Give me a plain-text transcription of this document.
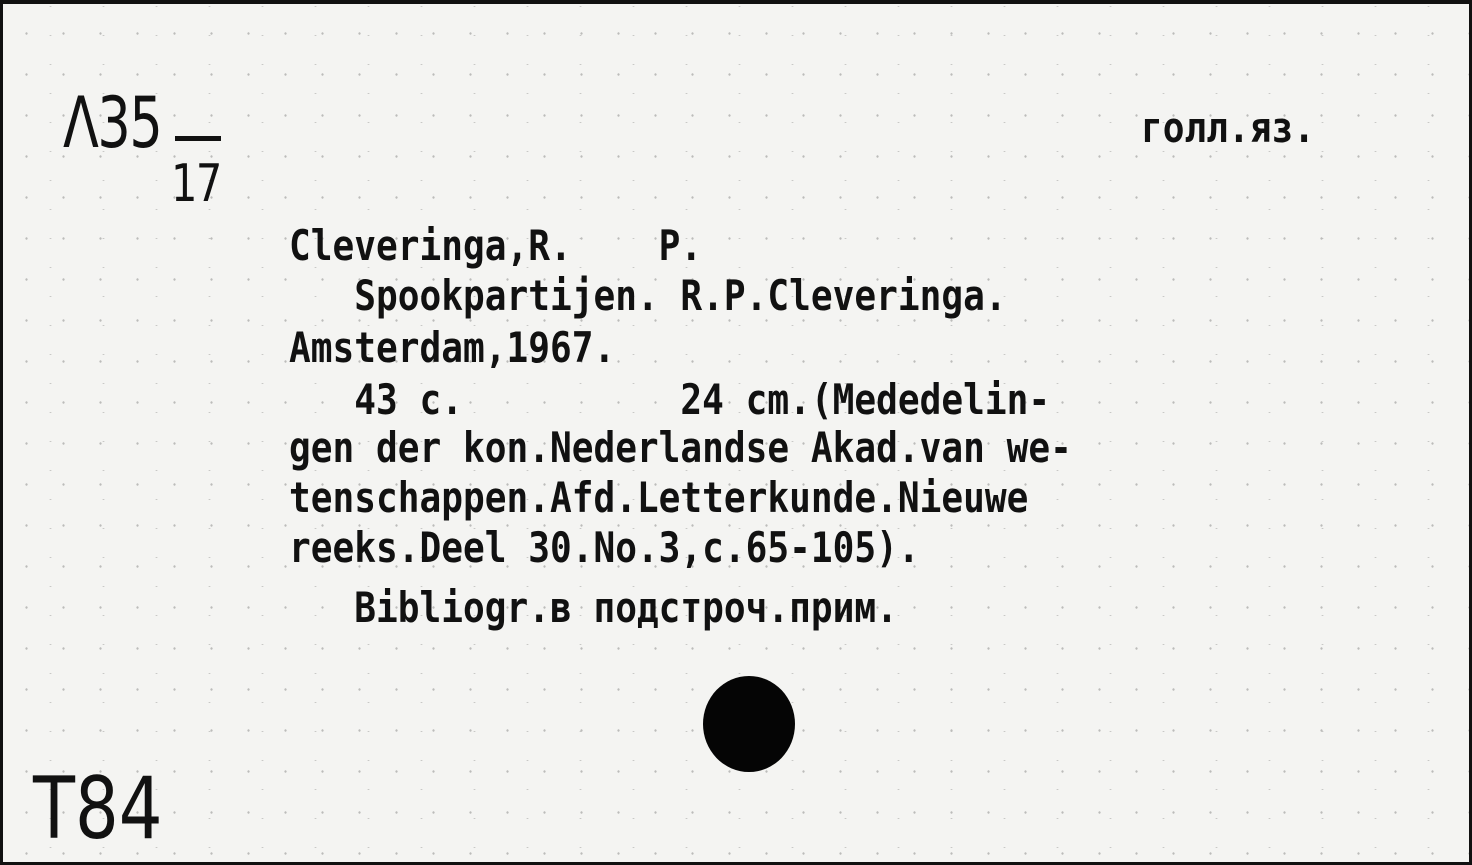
Λ35
17
голл.яз.
Cleveringa,R.    P.
Spookpartijen. R.P.Cleveringa.
Amsterdam,1967.
43 c.          24 cm.(Mededelin-
gen der kon.Nederlandse Akad.van we-
tenschappen.Afd.Letterkunde.Nieuwe
reeks.Deel 30.No.3,c.65-105).
Bibliogr.в подстроч.прим.
T84
